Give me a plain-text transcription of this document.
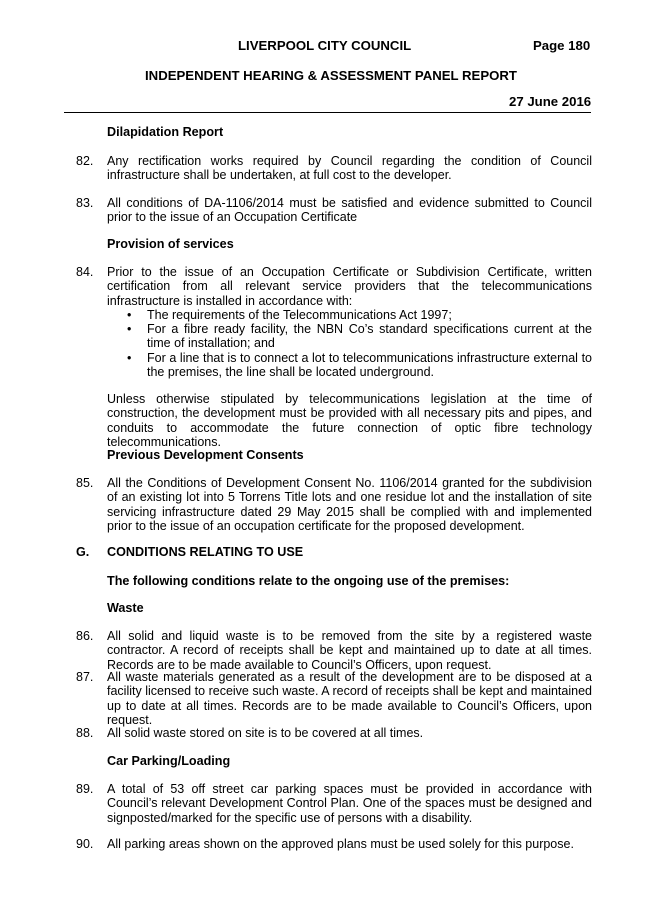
LIVERPOOL CITY COUNCIL	Page 180
INDEPENDENT HEARING & ASSESSMENT PANEL REPORT
27 June 2016
Dilapidation Report
82. Any rectification works required by Council regarding the condition of Council infrastructure shall be undertaken, at full cost to the developer.
83. All conditions of DA-1106/2014 must be satisfied and evidence submitted to Council prior to the issue of an Occupation Certificate
Provision of services
84. Prior to the issue of an Occupation Certificate or Subdivision Certificate, written certification from all relevant service providers that the telecommunications infrastructure is installed in accordance with:

• The requirements of the Telecommunications Act 1997;
• For a fibre ready facility, the NBN Co’s standard specifications current at the time of installation; and
• For a line that is to connect a lot to telecommunications infrastructure external to the premises, the line shall be located underground.
Unless otherwise stipulated by telecommunications legislation at the time of construction, the development must be provided with all necessary pits and pipes, and conduits to accommodate the future connection of optic fibre technology telecommunications.
Previous Development Consents
85. All the Conditions of Development Consent No. 1106/2014 granted for the subdivision of an existing lot into 5 Torrens Title lots and one residue lot and the installation of site servicing infrastructure dated 29 May 2015 shall be complied with and implemented prior to the issue of an occupation certificate for the proposed development.
G. CONDITIONS RELATING TO USE
The following conditions relate to the ongoing use of the premises:
Waste
86. All solid and liquid waste is to be removed from the site by a registered waste contractor. A record of receipts shall be kept and maintained up to date at all times. Records are to be made available to Council’s Officers, upon request.
87. All waste materials generated as a result of the development are to be disposed at a facility licensed to receive such waste. A record of receipts shall be kept and maintained up to date at all times. Records are to be made available to Council’s Officers, upon request.
88. All solid waste stored on site is to be covered at all times.
Car Parking/Loading
89. A total of 53 off street car parking spaces must be provided in accordance with Council’s relevant Development Control Plan. One of the spaces must be designed and signposted/marked for the specific use of persons with a disability.
90. All parking areas shown on the approved plans must be used solely for this purpose.
